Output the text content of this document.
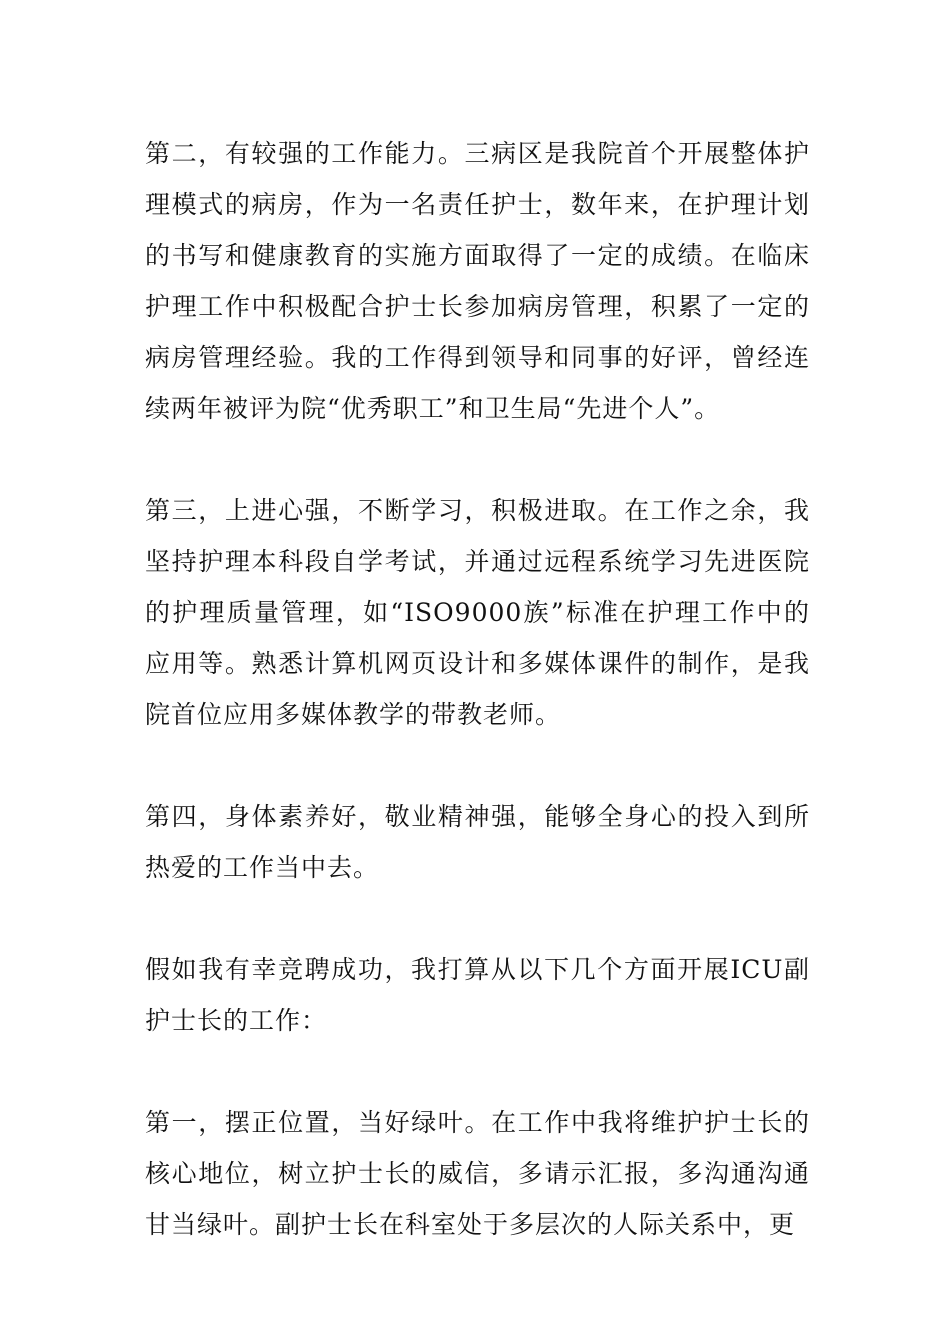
第二，有较强的工作能力。三病区是我院首个开展整体护理模式的病房，作为一名责任护士，数年来，在护理计划的书写和健康教育的实施方面取得了一定的成绩。在临床护理工作中积极配合护士长参加病房管理，积累了一定的病房管理经验。我的工作得到领导和同事的好评，曾经连续两年被评为院“优秀职工”和卫生局“先进个人”。

第三，上进心强，不断学习，积极进取。在工作之余，我坚持护理本科段自学考试，并通过远程系统学习先进医院的护理质量管理，如“ISO9000族”标准在护理工作中的应用等。熟悉计算机网页设计和多媒体课件的制作，是我院首位应用多媒体教学的带教老师。

第四，身体素养好，敬业精神强，能够全身心的投入到所热爱的工作当中去。

假如我有幸竞聘成功，我打算从以下几个方面开展ICU副护士长的工作：

第一，摆正位置，当好绿叶。在工作中我将维护护士长的核心地位，树立护士长的威信，多请示汇报，多沟通沟通甘当绿叶。副护士长在科室处于多层次的人际关系中，更
